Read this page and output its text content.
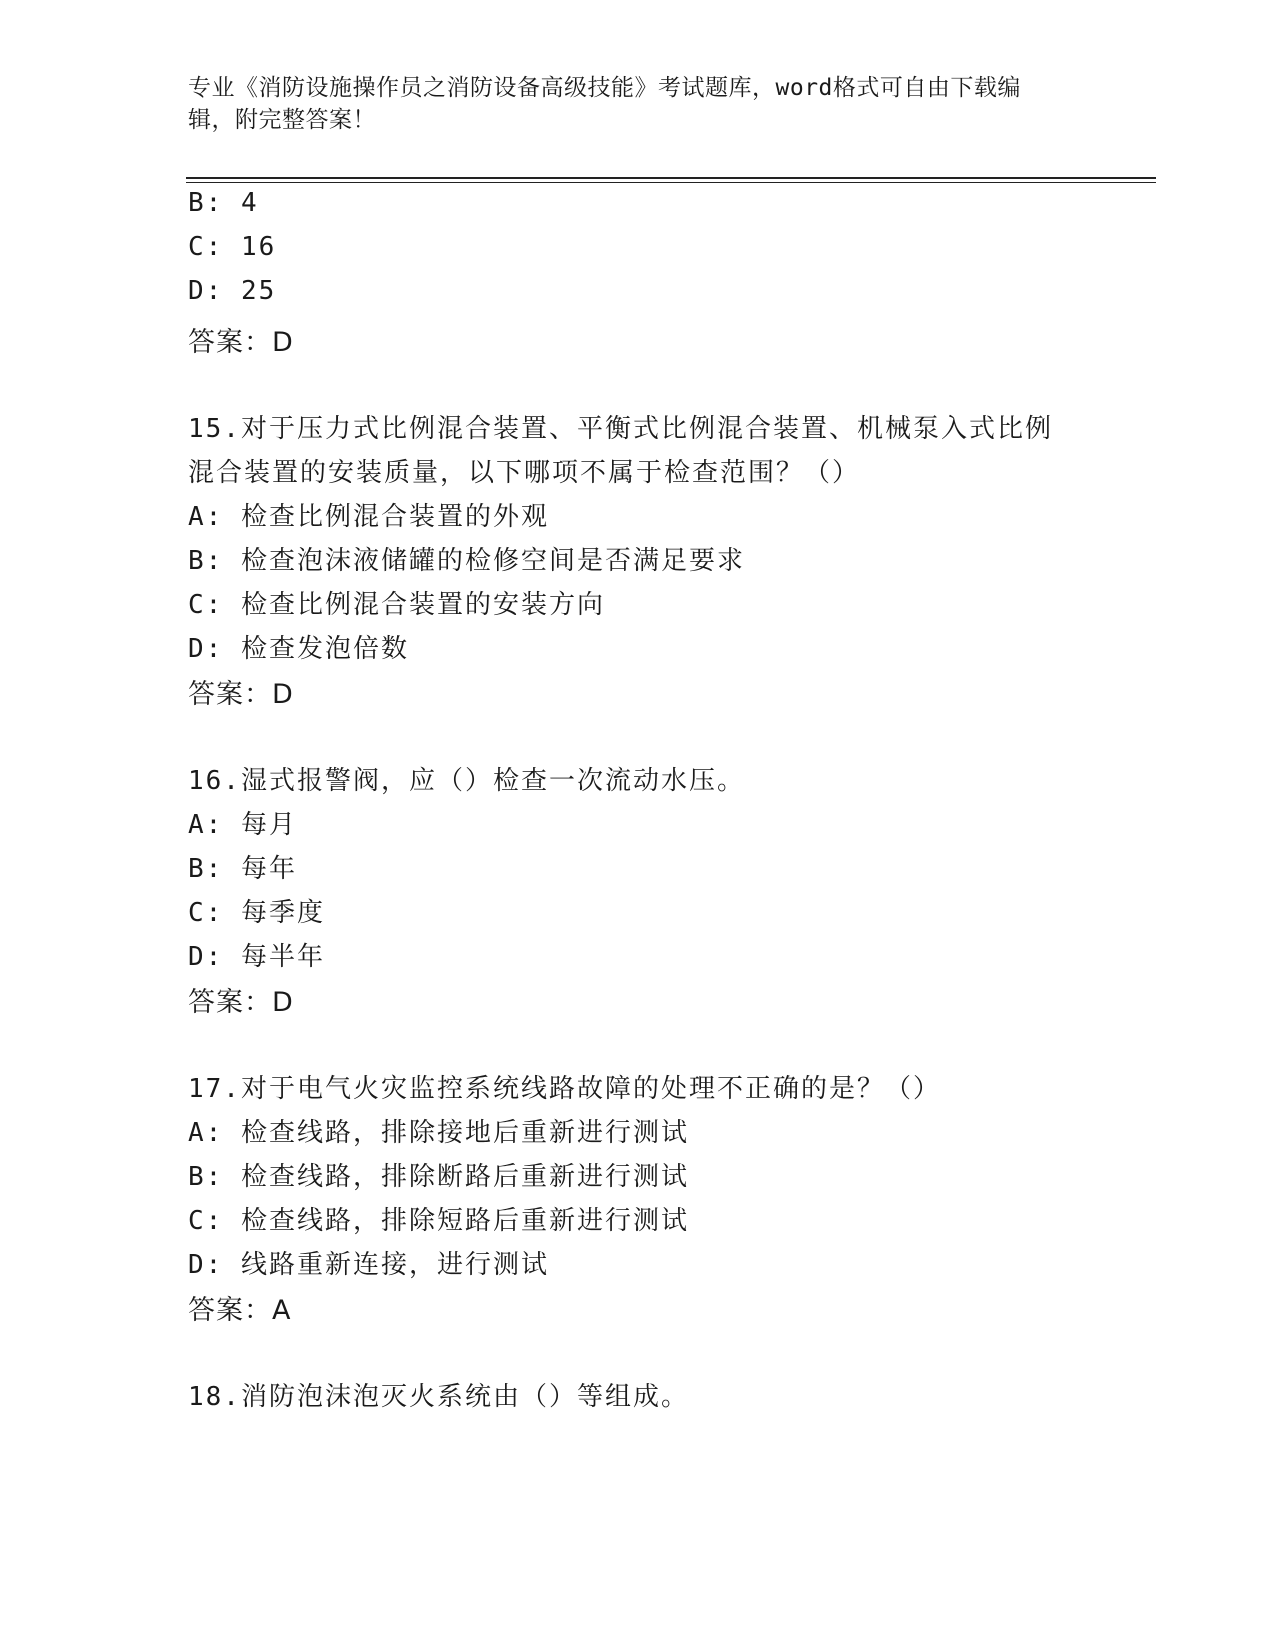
专业《消防设施操作员之消防设备高级技能》考试题库，word格式可自由下载编
辑，附完整答案！
B: 4
C: 16
D: 25
答案：D
15.对于压力式比例混合装置、平衡式比例混合装置、机械泵入式比例
混合装置的安装质量，以下哪项不属于检查范围？（）
A: 检查比例混合装置的外观
B: 检查泡沫液储罐的检修空间是否满足要求
C: 检查比例混合装置的安装方向
D: 检查发泡倍数
答案：D
16.湿式报警阀，应（）检查一次流动水压。
A: 每月
B: 每年
C: 每季度
D: 每半年
答案：D
17.对于电气火灾监控系统线路故障的处理不正确的是？（）
A: 检查线路，排除接地后重新进行测试
B: 检查线路，排除断路后重新进行测试
C: 检查线路，排除短路后重新进行测试
D: 线路重新连接，进行测试
答案：A
18.消防泡沫泡灭火系统由（）等组成。
